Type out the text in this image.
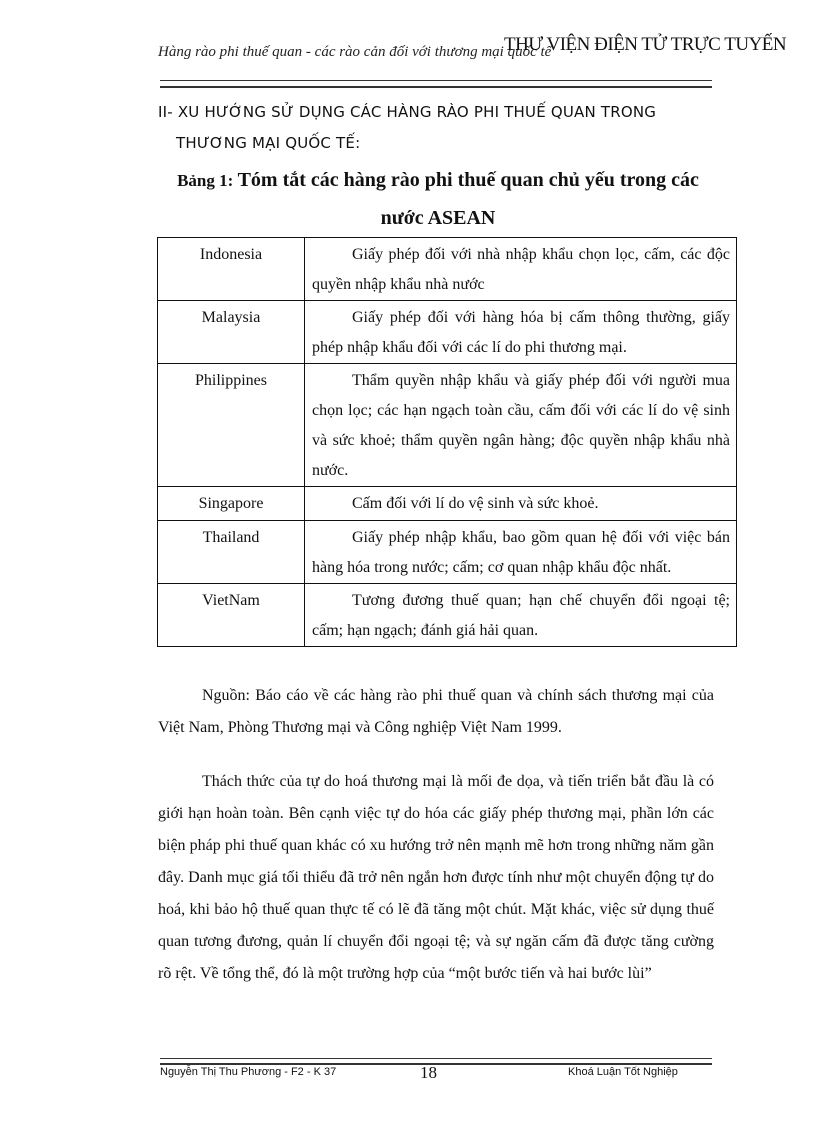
Hàng rào phi thuế quan - các rào cản đối với thương mại quốc tế
THƯ VIỆN ĐIỆN TỬ TRỰC TUYẾN
II- XU HƯỚNG SỬ DỤNG CÁC HÀNG RÀO PHI THUẾ QUAN TRONG
THƯƠNG MẠI QUỐC TẾ:
Bảng 1: Tóm tắt các hàng rào phi thuế quan chủ yếu trong các nước ASEAN
Indonesia	Giấy phép đối với nhà nhập khẩu chọn lọc, cấm, các độc quyền nhập khẩu nhà nước
Malaysia	Giấy phép đối với hàng hóa bị cấm thông thường, giấy phép nhập khẩu đối với các lí do phi thương mại.
Philippines	Thẩm quyền nhập khẩu và giấy phép đối với người mua chọn lọc; các hạn ngạch toàn cầu, cấm đối với các lí do vệ sinh và sức khoẻ; thẩm quyền ngân hàng; độc quyền nhập khẩu nhà nước.
Singapore	Cấm đối với lí do vệ sinh và sức khoẻ.
Thailand	Giấy phép nhập khẩu, bao gồm quan hệ đối với việc bán hàng hóa trong nước; cấm; cơ quan nhập khẩu độc nhất.
VietNam	Tương đương thuế quan; hạn chế chuyển đổi ngoại tệ; cấm; hạn ngạch; đánh giá hải quan.
Nguồn: Báo cáo về các hàng rào phi thuế quan và chính sách thương mại của Việt Nam, Phòng Thương mại và Công nghiệp Việt Nam 1999.
Thách thức của tự do hoá thương mại là mối đe dọa, và tiến triển bắt đầu là có giới hạn hoàn toàn. Bên cạnh việc tự do hóa các giấy phép thương mại, phần lớn các biện pháp phi thuế quan khác có xu hướng trở nên mạnh mẽ hơn trong những năm gần đây. Danh mục giá tối thiểu đã trở nên ngắn hơn được tính như một chuyển động tự do hoá, khi bảo hộ thuế quan thực tế có lẽ đã tăng một chút. Mặt khác, việc sử dụng thuế quan tương đương, quản lí chuyển đổi ngoại tệ; và sự ngăn cấm đã được tăng cường rõ rệt. Về tổng thể, đó là một trường hợp của “một bước tiến và hai bước lùi”
Nguyễn Thị Thu Phương - F2 - K 37	18	Khoá Luận Tốt Nghiệp
